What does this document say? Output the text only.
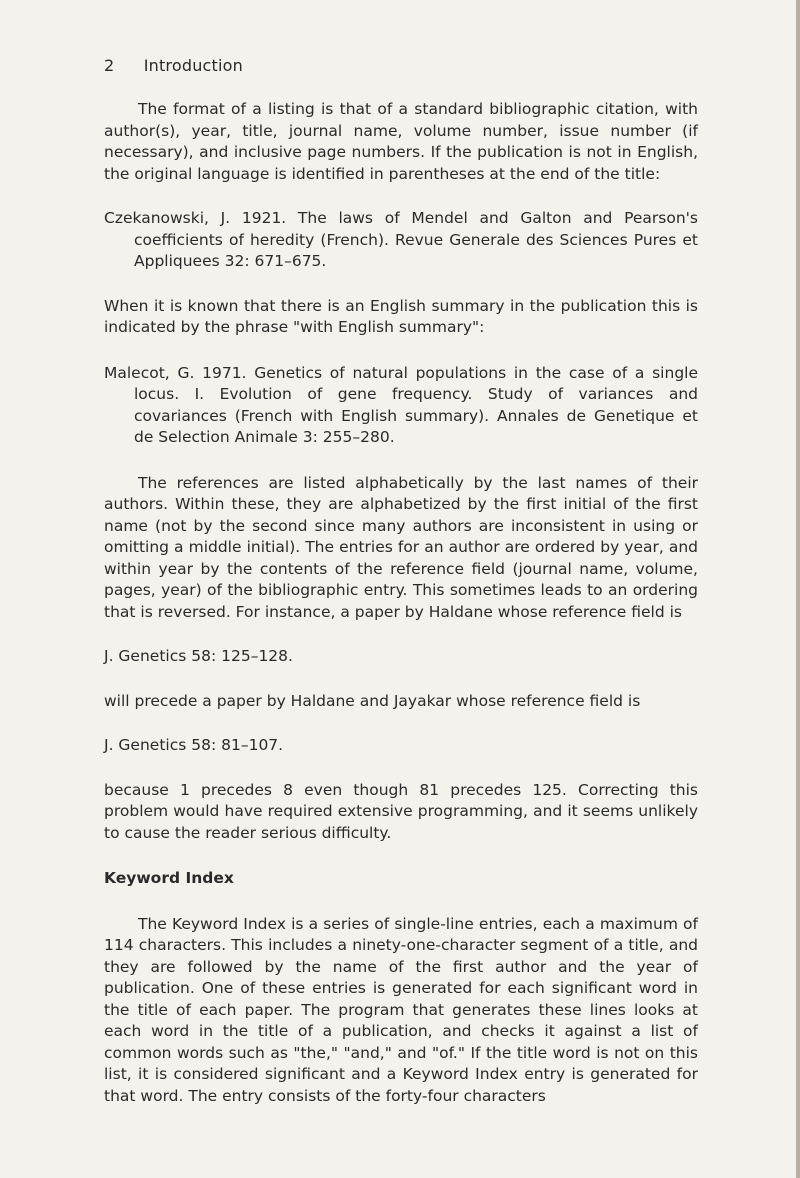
2 Introduction

The format of a listing is that of a standard bibliographic citation, with author(s), year, title, journal name, volume number, issue number (if necessary), and inclusive page numbers. If the publication is not in English, the original language is identified in parentheses at the end of the title:

Czekanowski, J. 1921. The laws of Mendel and Galton and Pearson's coefficients of heredity (French). Revue Generale des Sciences Pures et Appliquees 32: 671–675.

When it is known that there is an English summary in the publication this is indicated by the phrase "with English summary":

Malecot, G. 1971. Genetics of natural populations in the case of a single locus. I. Evolution of gene frequency. Study of variances and covariances (French with English summary). Annales de Genetique et de Selection Animale 3: 255–280.

The references are listed alphabetically by the last names of their authors. Within these, they are alphabetized by the first initial of the first name (not by the second since many authors are inconsistent in using or omitting a middle initial). The entries for an author are ordered by year, and within year by the contents of the reference field (journal name, volume, pages, year) of the bibliographic entry. This sometimes leads to an ordering that is reversed. For instance, a paper by Haldane whose reference field is

J. Genetics 58: 125–128.

will precede a paper by Haldane and Jayakar whose reference field is

J. Genetics 58: 81–107.

because 1 precedes 8 even though 81 precedes 125. Correcting this problem would have required extensive programming, and it seems unlikely to cause the reader serious difficulty.

Keyword Index

The Keyword Index is a series of single-line entries, each a maximum of 114 characters. This includes a ninety-one-character segment of a title, and they are followed by the name of the first author and the year of publication. One of these entries is generated for each significant word in the title of each paper. The program that generates these lines looks at each word in the title of a publication, and checks it against a list of common words such as "the," "and," and "of." If the title word is not on this list, it is considered significant and a Keyword Index entry is generated for that word. The entry consists of the forty-four characters
